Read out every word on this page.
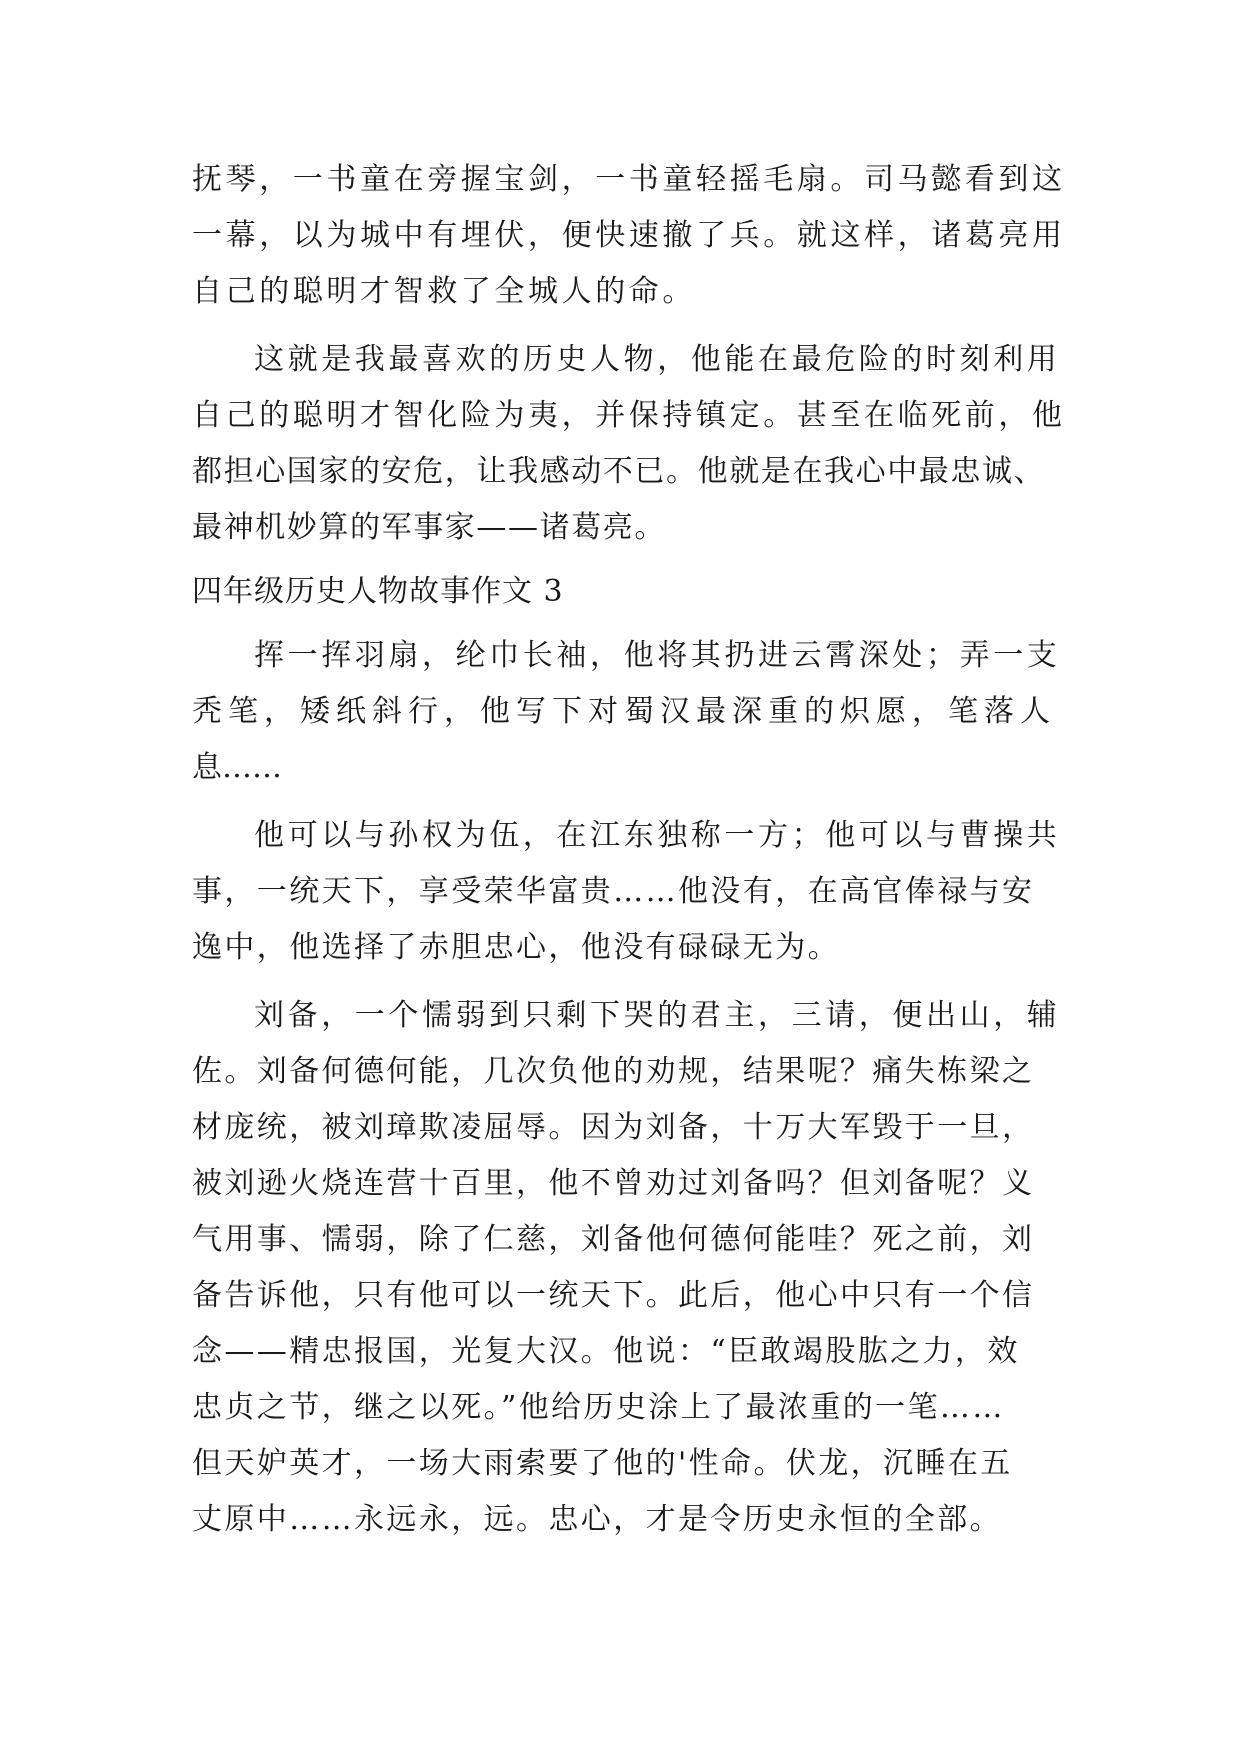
抚琴，一书童在旁握宝剑，一书童轻摇毛扇。司马懿看到这
一幕，以为城中有埋伏，便快速撤了兵。就这样，诸葛亮用
自己的聪明才智救了全城人的命。
这就是我最喜欢的历史人物，他能在最危险的时刻利用
自己的聪明才智化险为夷，并保持镇定。甚至在临死前，他
都担心国家的安危，让我感动不已。他就是在我心中最忠诚、
最神机妙算的军事家——诸葛亮。
四年级历史人物故事作文 3
挥一挥羽扇，纶巾长袖，他将其扔进云霄深处；弄一支
秃笔，矮纸斜行，他写下对蜀汉最深重的炽愿，笔落人
息……
他可以与孙权为伍，在江东独称一方；他可以与曹操共
事，一统天下，享受荣华富贵……他没有，在高官俸禄与安
逸中，他选择了赤胆忠心，他没有碌碌无为。
刘备，一个懦弱到只剩下哭的君主，三请，便出山，辅
佐。刘备何德何能，几次负他的劝规，结果呢？痛失栋梁之
材庞统，被刘璋欺凌屈辱。因为刘备，十万大军毁于一旦，
被刘逊火烧连营十百里，他不曾劝过刘备吗？但刘备呢？义
气用事、懦弱，除了仁慈，刘备他何德何能哇？死之前，刘
备告诉他，只有他可以一统天下。此后，他心中只有一个信
念——精忠报国，光复大汉。他说：“臣敢竭股肱之力，效
忠贞之节，继之以死。”他给历史涂上了最浓重的一笔……
但天妒英才，一场大雨索要了他的'性命。伏龙，沉睡在五
丈原中……永远永，远。忠心，才是令历史永恒的全部。
